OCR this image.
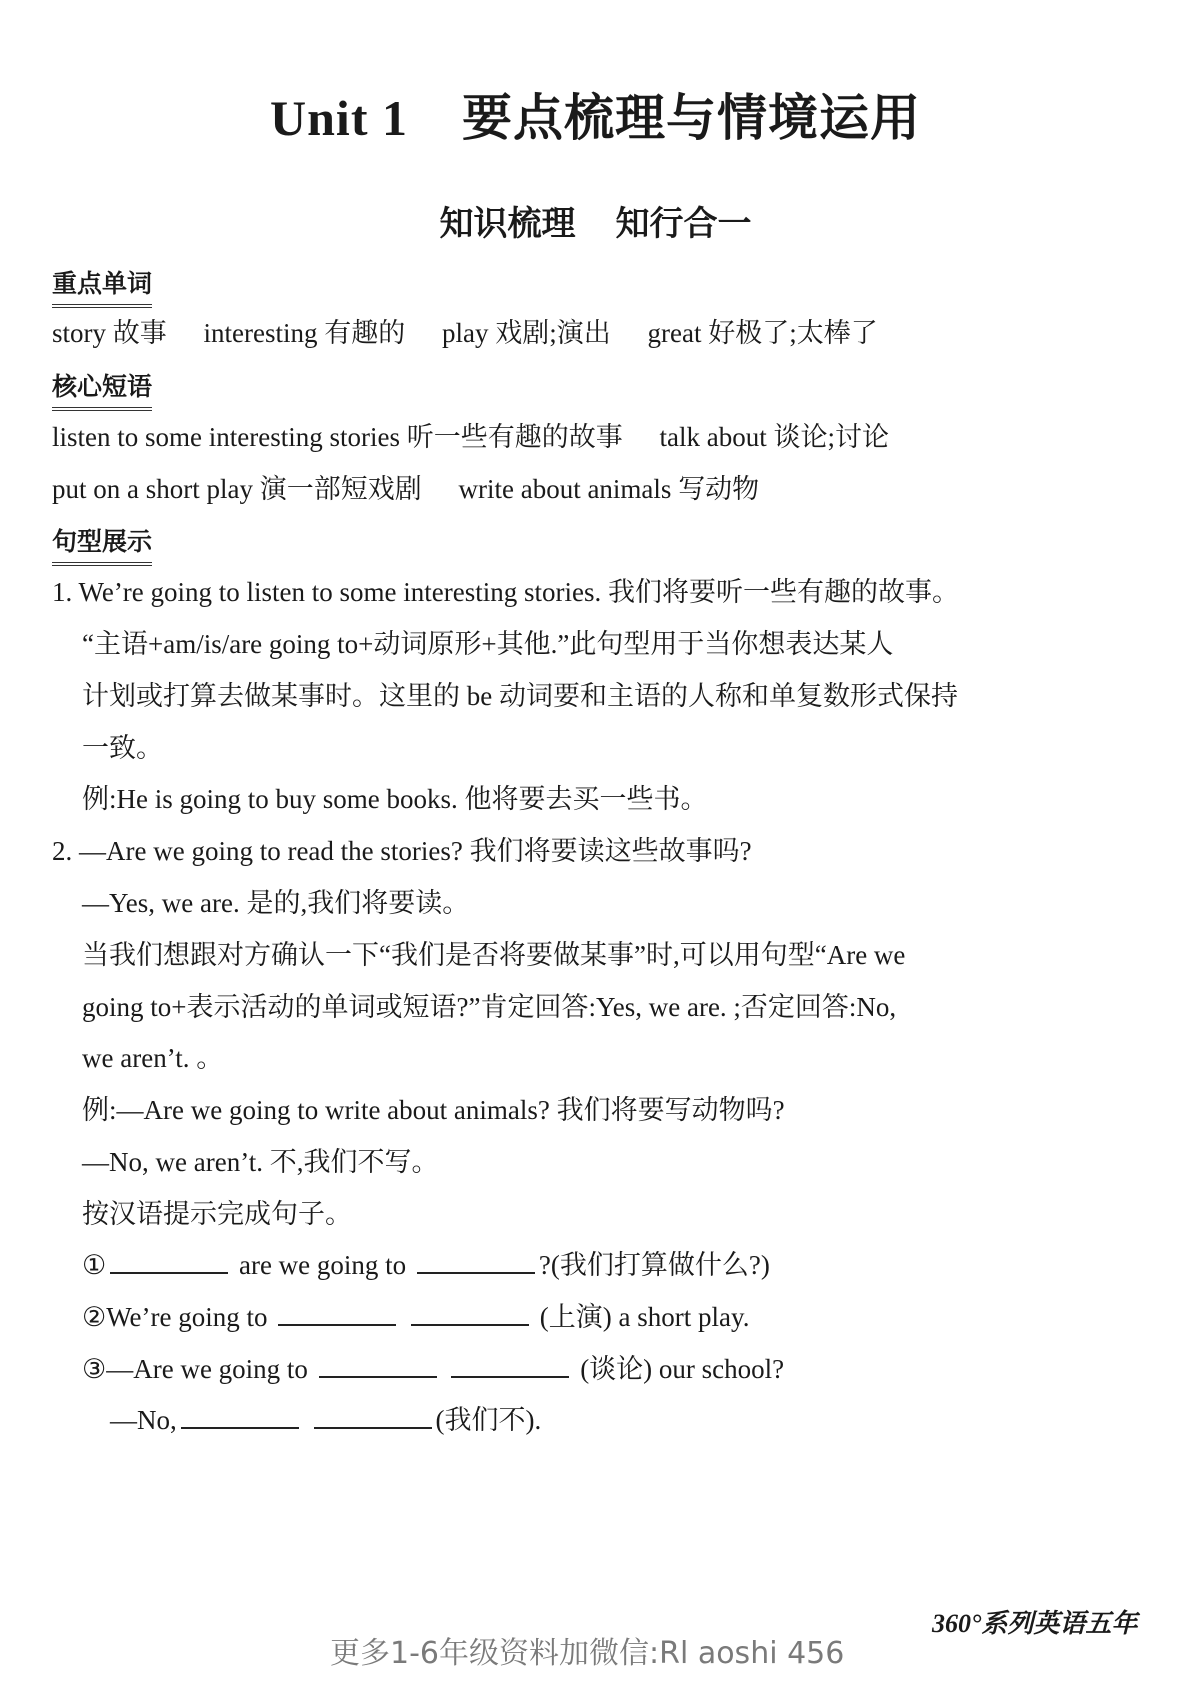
Unit 1 要点梳理与情境运用
知识梳理 知行合一
重点单词
story 故事 interesting 有趣的 play 戏剧;演出 great 好极了;太棒了
核心短语
listen to some interesting stories 听一些有趣的故事 talk about 谈论;讨论
put on a short play 演一部短戏剧 write about animals 写动物
句型展示
1. We’re going to listen to some interesting stories. 我们将要听一些有趣的故事。
“主语+am/is/are going to+动词原形+其他.”此句型用于当你想表达某人
计划或打算去做某事时。这里的 be 动词要和主语的人称和单复数形式保持
一致。
例:He is going to buy some books. 他将要去买一些书。
2. —Are we going to read the stories? 我们将要读这些故事吗?
—Yes, we are. 是的,我们将要读。
当我们想跟对方确认一下“我们是否将要做某事”时,可以用句型“Are we
going to+表示活动的单词或短语?”肯定回答:Yes, we are. ;否定回答:No,
we aren’t. 。
例:—Are we going to write about animals? 我们将要写动物吗?
—No, we aren’t. 不,我们不写。
按汉语提示完成句子。
①	are we going to	?(我们打算做什么?)
②We’re going to	(上演) a short play.
③—Are we going to	(谈论) our school?
—No,	(我们不).
更多1-6年级资料加微信:Rl aoshi 456
360°系列英语五年
